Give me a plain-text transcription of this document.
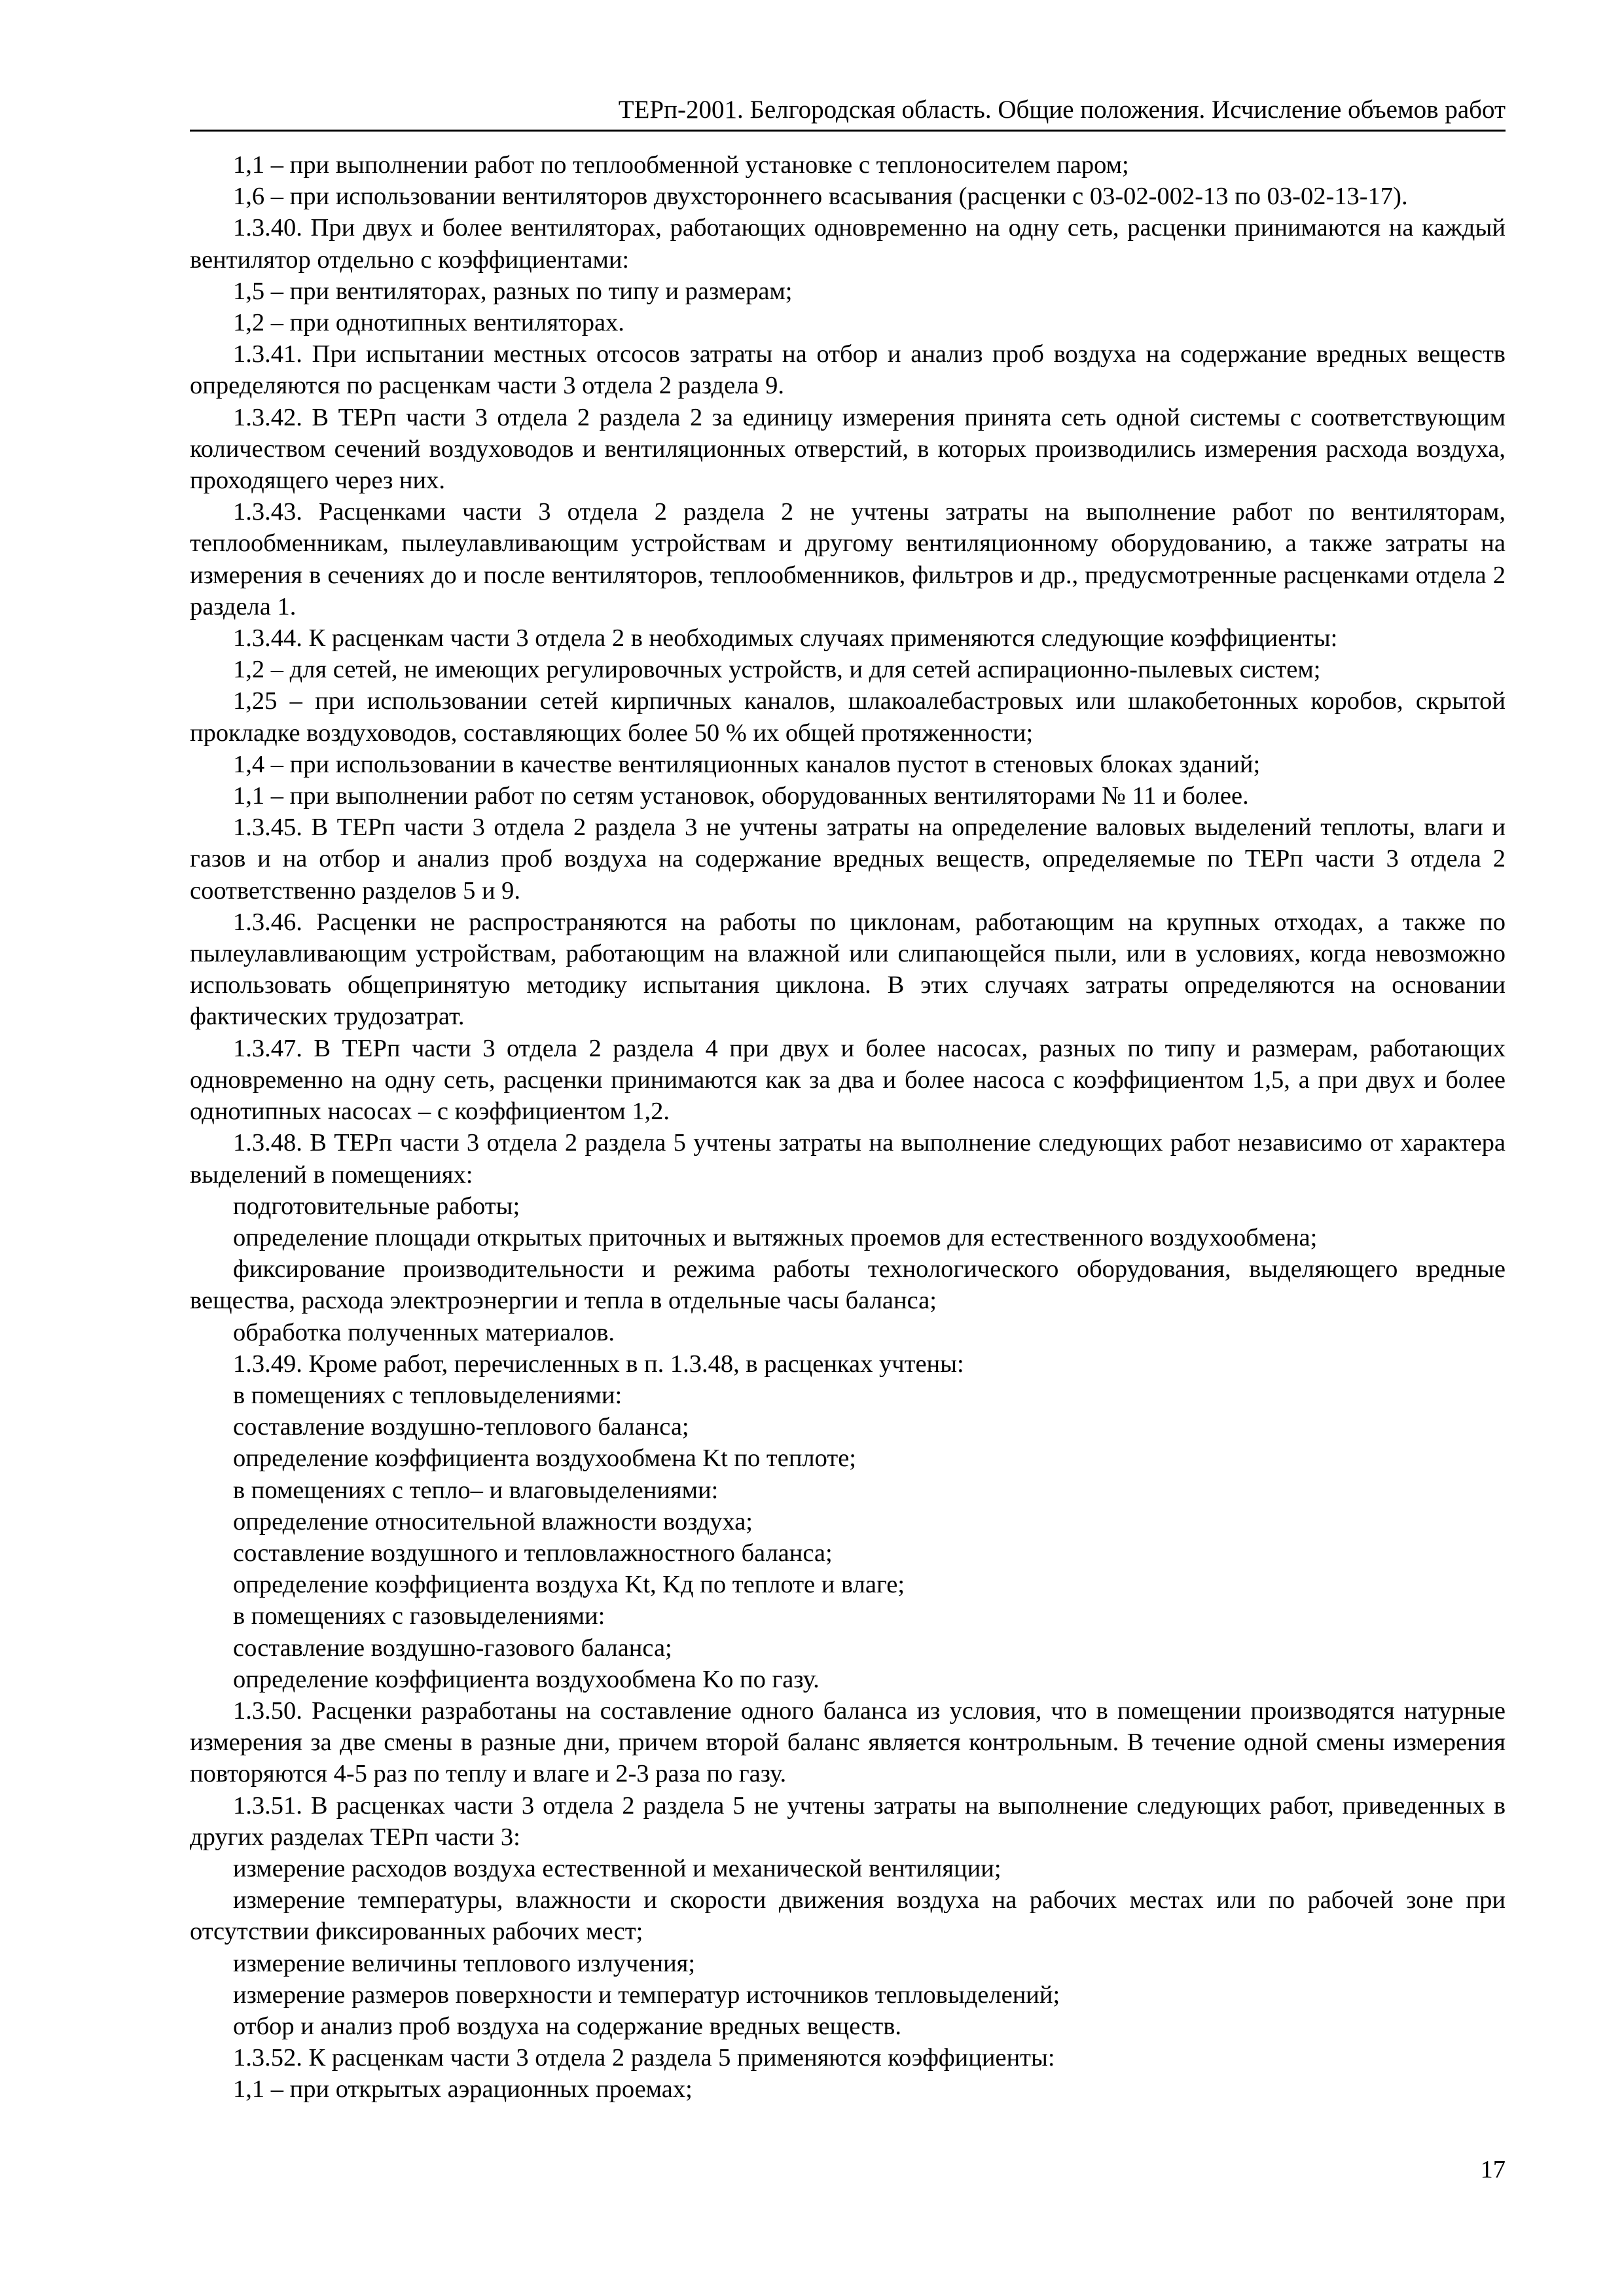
ТЕРп-2001. Белгородская область. Общие положения. Исчисление объемов работ

1,1 – при выполнении работ по теплообменной установке с теплоносителем паром;

1,6 – при использовании вентиляторов двухстороннего всасывания (расценки с 03-02-002-13 по 03-02-13-17).

1.3.40. При двух и более вентиляторах, работающих одновременно на одну сеть, расценки принимаются на каждый вентилятор отдельно с коэффициентами:

1,5 – при вентиляторах, разных по типу и размерам;

1,2 – при однотипных вентиляторах.

1.3.41. При испытании местных отсосов затраты на отбор и анализ проб воздуха на содержание вредных веществ определяются по расценкам части 3 отдела 2 раздела 9.

1.3.42. В ТЕРп части 3 отдела 2 раздела 2 за единицу измерения принята сеть одной системы с соответствующим количеством сечений воздуховодов и вентиляционных отверстий, в которых производились измерения расхода воздуха, проходящего через них.

1.3.43. Расценками части 3 отдела 2 раздела 2 не учтены затраты на выполнение работ по вентиляторам, теплообменникам, пылеулавливающим устройствам и другому вентиляционному оборудованию, а также затраты на измерения в сечениях до и после вентиляторов, теплообменников, фильтров и др., предусмотренные расценками отдела 2 раздела 1.

1.3.44. К расценкам части 3 отдела 2 в необходимых случаях применяются следующие коэффициенты:

1,2 – для сетей, не имеющих регулировочных устройств, и для сетей аспирационно-пылевых систем;

1,25 – при использовании сетей кирпичных каналов, шлакоалебастровых или шлакобетонных коробов, скрытой прокладке воздуховодов, составляющих более 50 % их общей протяженности;

1,4 – при использовании в качестве вентиляционных каналов пустот в стеновых блоках зданий;

1,1 – при выполнении работ по сетям установок, оборудованных вентиляторами № 11 и более.

1.3.45. В ТЕРп части 3 отдела 2 раздела 3 не учтены затраты на определение валовых выделений теплоты, влаги и газов и на отбор и анализ проб воздуха на содержание вредных веществ, определяемые по ТЕРп части 3 отдела 2 соответственно разделов 5 и 9.

1.3.46. Расценки не распространяются на работы по циклонам, работающим на крупных отходах, а также по пылеулавливающим устройствам, работающим на влажной или слипающейся пыли, или в условиях, когда невозможно использовать общепринятую методику испытания циклона. В этих случаях затраты определяются на основании фактических трудозатрат.

1.3.47. В ТЕРп части 3 отдела 2 раздела 4 при двух и более насосах, разных по типу и размерам, работающих одновременно на одну сеть, расценки принимаются как за два и более насоса с коэффициентом 1,5, а при двух и более однотипных насосах – с коэффициентом 1,2.

1.3.48. В ТЕРп части 3 отдела 2 раздела 5 учтены затраты на выполнение следующих работ независимо от характера выделений в помещениях:

подготовительные работы;

определение площади открытых приточных и вытяжных проемов для естественного воздухообмена;

фиксирование производительности и режима работы технологического оборудования, выделяющего вредные вещества, расхода электроэнергии и тепла в отдельные часы баланса;

обработка полученных материалов.

1.3.49. Кроме работ, перечисленных в п. 1.3.48, в расценках учтены:

в помещениях с тепловыделениями:

составление воздушно-теплового баланса;

определение коэффициента воздухообмена Kt по теплоте;

в помещениях с тепло– и влаговыделениями:

определение относительной влажности воздуха;

составление воздушного и тепловлажностного баланса;

определение коэффициента воздуха Kt, Kд по теплоте и влаге;

в помещениях с газовыделениями:

составление воздушно-газового баланса;

определение коэффициента воздухообмена Kо по газу.

1.3.50. Расценки разработаны на составление одного баланса из условия, что в помещении производятся натурные измерения за две смены в разные дни, причем второй баланс является контрольным. В течение одной смены измерения повторяются 4-5 раз по теплу и влаге и 2-3 раза по газу.

1.3.51. В расценках части 3 отдела 2 раздела 5 не учтены затраты на выполнение следующих работ, приведенных в других разделах ТЕРп части 3:

измерение расходов воздуха естественной и механической вентиляции;

измерение температуры, влажности и скорости движения воздуха на рабочих местах или по рабочей зоне при отсутствии фиксированных рабочих мест;

измерение величины теплового излучения;

измерение размеров поверхности и температур источников тепловыделений;

отбор и анализ проб воздуха на содержание вредных веществ.

1.3.52. К расценкам части 3 отдела 2 раздела 5 применяются коэффициенты:

1,1 – при открытых аэрационных проемах;

17
